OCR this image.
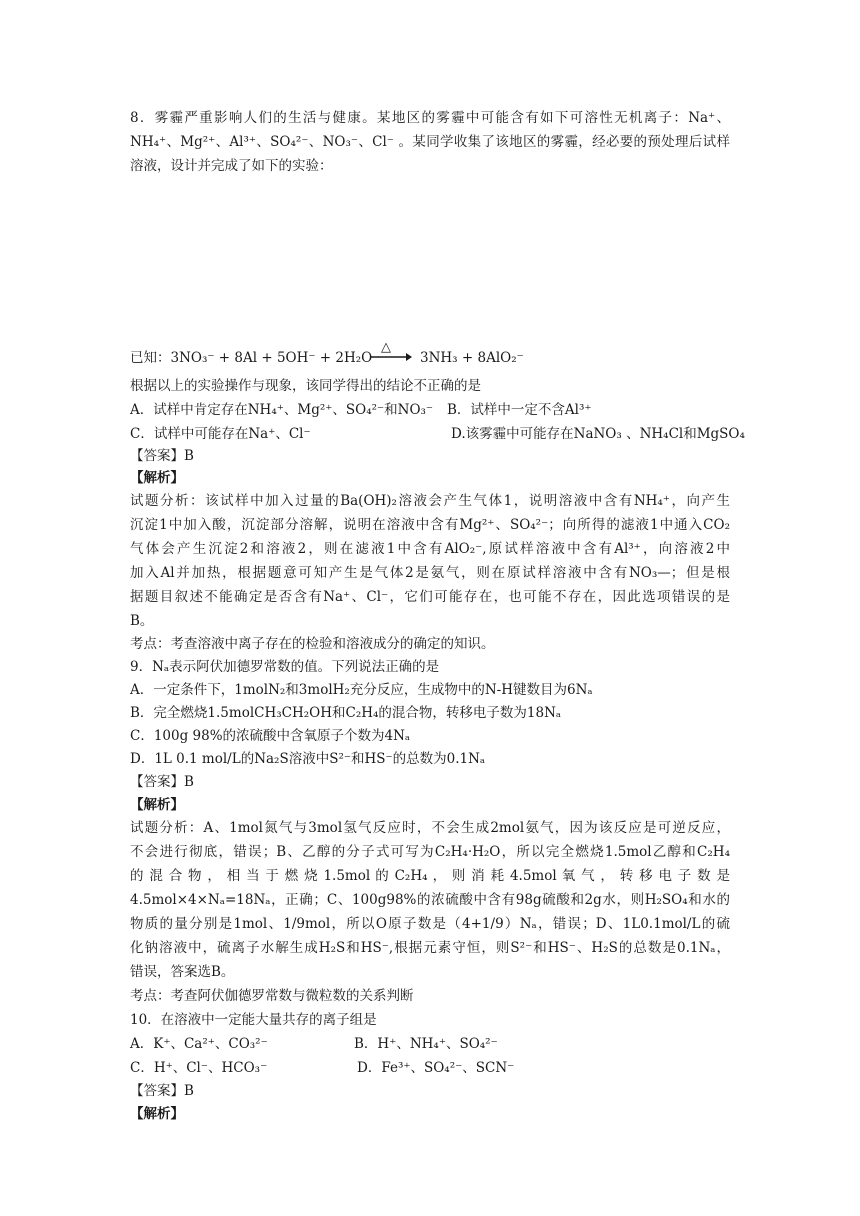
8．雾霾严重影响人们的生活与健康。某地区的雾霾中可能含有如下可溶性无机离子：Na⁺、
NH₄⁺、Mg²⁺、Al³⁺、SO₄²⁻、NO₃⁻、Cl⁻ 。某同学收集了该地区的雾霾，经必要的预处理后试样
溶液，设计并完成了如下的实验：
已知：3NO₃⁻ + 8Al + 5OH⁻ + 2H₂O
△
3NH₃ + 8AlO₂⁻
根据以上的实验操作与现象，该同学得出的结论不正确的是
A．试样中肯定存在NH₄⁺、Mg²⁺、SO₄²⁻和NO₃⁻ B．试样中一定不含Al³⁺
C．试样中可能存在Na⁺、Cl⁻	D.该雾霾中可能存在NaNO₃ 、NH₄Cl和MgSO₄
【答案】B
【解析】
试题分析：该试样中加入过量的Ba(OH)₂溶液会产生气体1，说明溶液中含有NH₄⁺，向产生
沉淀1中加入酸，沉淀部分溶解，说明在溶液中含有Mg²⁺、SO₄²⁻；向所得的滤液1中通入CO₂
气体会产生沉淀2和溶液2，则在滤液1中含有AlO₂⁻,原试样溶液中含有Al³⁺，向溶液2中
加入Al并加热，根据题意可知产生是气体2是氨气，则在原试样溶液中含有NO₃—；但是根
据题目叙述不能确定是否含有Na⁺、Cl⁻，它们可能存在，也可能不存在，因此选项错误的是
B。
考点：考查溶液中离子存在的检验和溶液成分的确定的知识。
9．Nₐ表示阿伏加德罗常数的值。下列说法正确的是
A．一定条件下，1molN₂和3molH₂充分反应，生成物中的N-H键数目为6Nₐ
B．完全燃烧1.5molCH₃CH₂OH和C₂H₄的混合物，转移电子数为18Nₐ
C．100g 98%的浓硫酸中含氧原子个数为4Nₐ
D．1L 0.1 mol/L的Na₂S溶液中S²⁻和HS⁻的总数为0.1Nₐ
【答案】B
【解析】
试题分析：A、1mol氮气与3mol氢气反应时，不会生成2mol氨气，因为该反应是可逆反应，
不会进行彻底，错误；B、乙醇的分子式可写为C₂H₄·H₂O，所以完全燃烧1.5mol乙醇和C₂H₄
的 混 合 物 ， 相 当 于 燃 烧 1.5mol 的 C₂H₄ ， 则 消 耗 4.5mol 氧 气 ， 转 移 电 子 数 是
4.5mol×4×Nₐ=18Nₐ，正确；C、100g98%的浓硫酸中含有98g硫酸和2g水，则H₂SO₄和水的
物质的量分别是1mol、1/9mol，所以O原子数是（4+1/9）Nₐ，错误；D、1L0.1mol/L的硫
化钠溶液中，硫离子水解生成H₂S和HS⁻,根据元素守恒，则S²⁻和HS⁻、H₂S的总数是0.1Nₐ，
错误，答案选B。
考点：考查阿伏伽德罗常数与微粒数的关系判断
10．在溶液中一定能大量共存的离子组是
A．K⁺、Ca²⁺、CO₃²⁻	B．H⁺、NH₄⁺、SO₄²⁻
C．H⁺、Cl⁻、HCO₃⁻	D．Fe³⁺、SO₄²⁻、SCN⁻
【答案】B
【解析】
